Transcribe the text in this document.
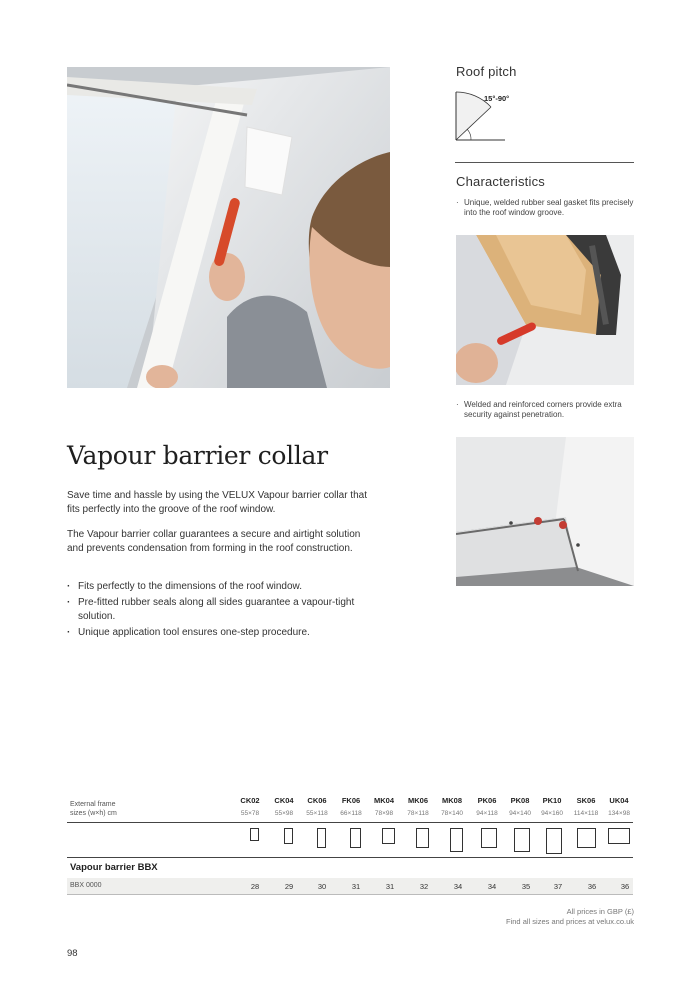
Roof pitch
15°-90°
Characteristics
· Unique, welded rubber seal gasket fits precisely into the roof window groove.
· Welded and reinforced corners provide extra security against penetration.
Vapour barrier collar
Save time and hassle by using the VELUX Vapour barrier collar that fits perfectly into the groove of the roof window.
The Vapour barrier collar guarantees a secure and airtight solution and prevents condensation from forming in the roof construction.
· Fits perfectly to the dimensions of the roof window.
· Pre-fitted rubber seals along all sides guarantee a vapour-tight solution.
· Unique application tool ensures one-step procedure.
External frame
sizes (w×h) cm
CK02	CK04	CK06	FK06	MK04	MK06	MK08	PK06	PK08	PK10	SK06	UK04
55×78	55×98	55×118	66×118	78×98	78×118	78×140	94×118	94×140	94×160	114×118	134×98
Vapour barrier BBX
BBX 0000	28	29	30	31	31	32	34	34	35	37	36	36
All prices in GBP (£)
Find all sizes and prices at velux.co.uk
98
